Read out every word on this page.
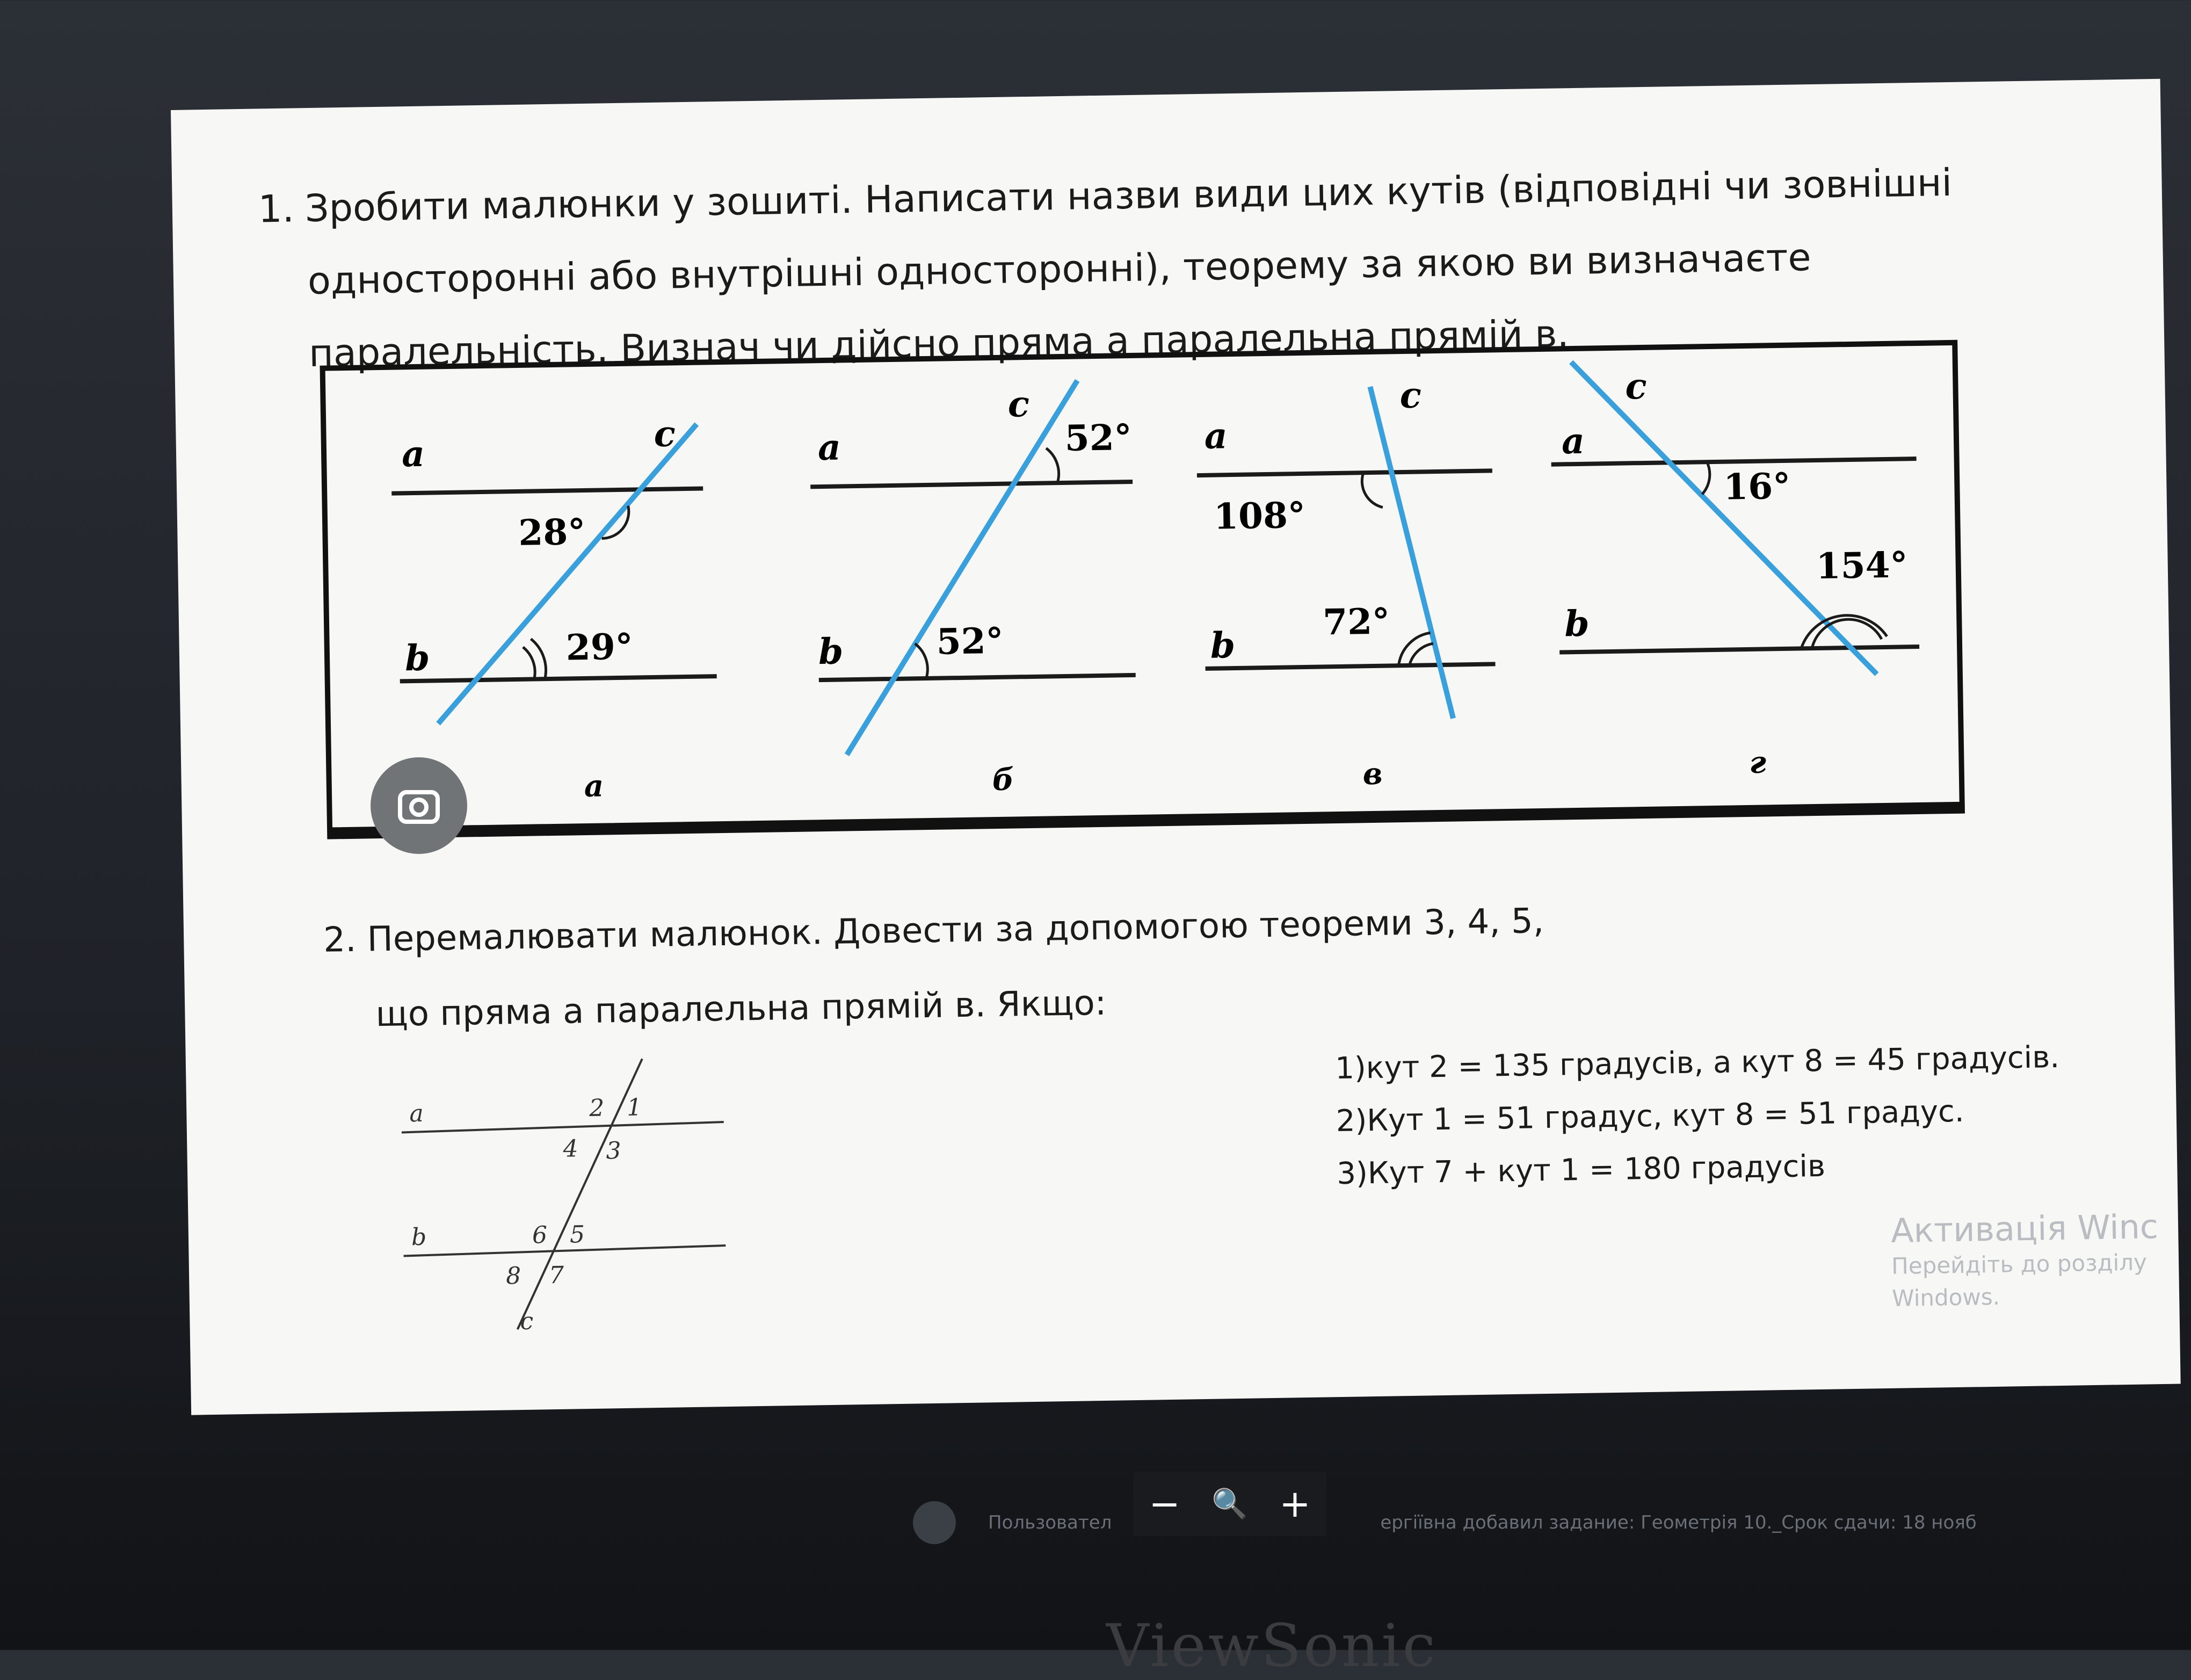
1. Зробити малюнки у зошиті. Написати назви види цих кутів (відповідні чи зовнішні
односторонні або внутрішні односторонні), теорему за якою ви визначаєте
паралельність. Визнач чи дійсно пряма а паралельна прямій в.
a
b
c
28°
29°
а
a
b
c
52°
52°
б
a
b
c
108°
72°
в
a
b
c
16°
154°
г
2. Перемалювати малюнок. Довести за допомогою теореми 3, 4, 5,
що пряма а паралельна прямій в. Якщо:
a
b
c
2 1
4 3
6 5
8 7
1)кут 2 = 135 градусів, а кут 8 = 45 градусів.
2)Кут 1 = 51 градус, кут 8 = 51 градус.
3)Кут 7 + кут 1 = 180 градусів
Активація Winc
Перейдіть до розділу
Windows.
Пользовател	ергіївна добавил задание: Геометрія 10._Срок сдачи: 18 нояб
− 🔍 +
ViewSonic
